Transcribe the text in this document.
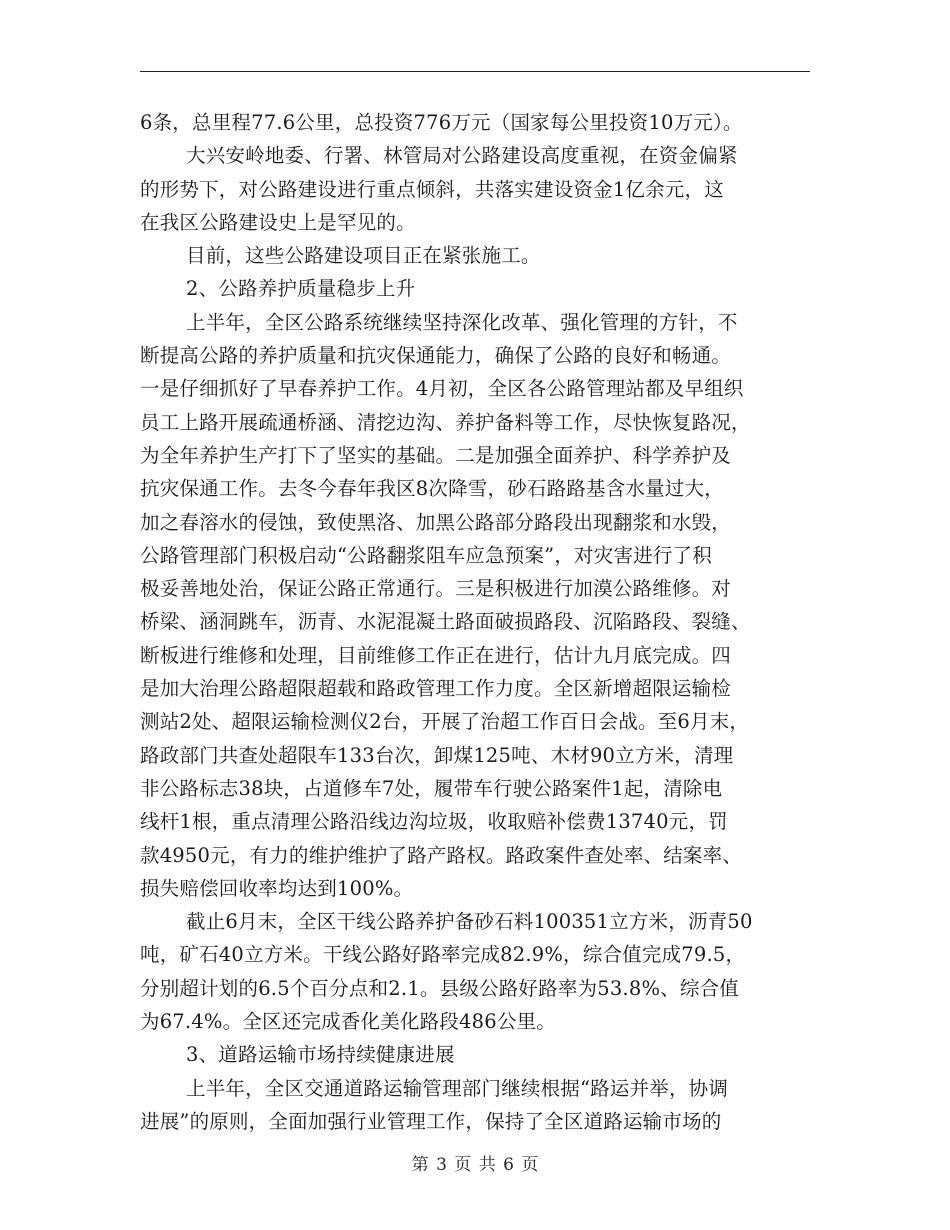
6条，总里程77.6公里，总投资776万元（国家每公里投资10万元）。
大兴安岭地委、行署、林管局对公路建设高度重视，在资金偏紧
的形势下，对公路建设进行重点倾斜，共落实建设资金1亿余元，这
在我区公路建设史上是罕见的。
目前，这些公路建设项目正在紧张施工。
2、公路养护质量稳步上升
上半年，全区公路系统继续坚持深化改革、强化管理的方针，不
断提高公路的养护质量和抗灾保通能力，确保了公路的良好和畅通。
一是仔细抓好了早春养护工作。4月初，全区各公路管理站都及早组织
员工上路开展疏通桥涵、清挖边沟、养护备料等工作，尽快恢复路况，
为全年养护生产打下了坚实的基础。二是加强全面养护、科学养护及
抗灾保通工作。去冬今春年我区8次降雪，砂石路路基含水量过大，
加之春溶水的侵蚀，致使黑洛、加黑公路部分路段出现翻浆和水毁，
公路管理部门积极启动“公路翻浆阻车应急预案”，对灾害进行了积
极妥善地处治，保证公路正常通行。三是积极进行加漠公路维修。对
桥梁、涵洞跳车，沥青、水泥混凝土路面破损路段、沉陷路段、裂缝、
断板进行维修和处理，目前维修工作正在进行，估计九月底完成。四
是加大治理公路超限超载和路政管理工作力度。全区新增超限运输检
测站2处、超限运输检测仪2台，开展了治超工作百日会战。至6月末，
路政部门共查处超限车133台次，卸煤125吨、木材90立方米，清理
非公路标志38块，占道修车7处，履带车行驶公路案件1起，清除电
线杆1根，重点清理公路沿线边沟垃圾，收取赔补偿费13740元，罚
款4950元，有力的维护维护了路产路权。路政案件查处率、结案率、
损失赔偿回收率均达到100%。
截止6月末，全区干线公路养护备砂石料100351立方米，沥青50
吨，矿石40立方米。干线公路好路率完成82.9%，综合值完成79.5，
分别超计划的6.5个百分点和2.1。县级公路好路率为53.8%、综合值
为67.4%。全区还完成香化美化路段486公里。
3、道路运输市场持续健康进展
上半年，全区交通道路运输管理部门继续根据“路运并举，协调
进展”的原则，全面加强行业管理工作，保持了全区道路运输市场的
第 3 页 共 6 页
